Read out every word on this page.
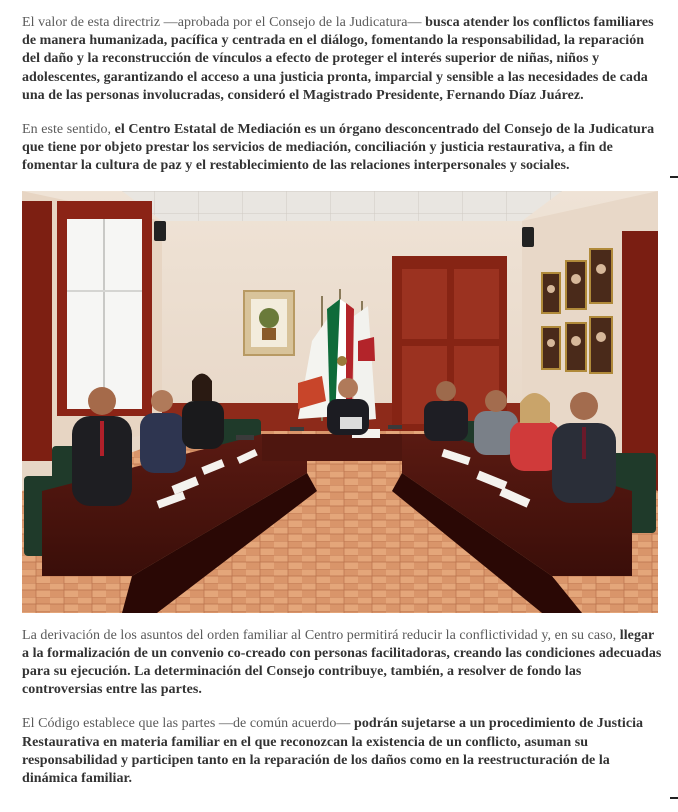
El valor de esta directriz —aprobada por el Consejo de la Judicatura— busca atender los conflictos familiares de manera humanizada, pacífica y centrada en el diálogo, fomentando la responsabilidad, la reparación del daño y la reconstrucción de vínculos a efecto de proteger el interés superior de niñas, niños y adolescentes, garantizando el acceso a una justicia pronta, imparcial y sensible a las necesidades de cada una de las personas involucradas, consideró el Magistrado Presidente, Fernando Díaz Juárez.

En este sentido, el Centro Estatal de Mediación es un órgano desconcentrado del Consejo de la Judicatura que tiene por objeto prestar los servicios de mediación, conciliación y justicia restaurativa, a fin de fomentar la cultura de paz y el restablecimiento de las relaciones interpersonales y sociales.

La derivación de los asuntos del orden familiar al Centro permitirá reducir la conflictividad y, en su caso, llegar a la formalización de un convenio co-creado con personas facilitadoras, creando las condiciones adecuadas para su ejecución. La determinación del Consejo contribuye, también, a resolver de fondo las controversias entre las partes.

El Código establece que las partes —de común acuerdo— podrán sujetarse a un procedimiento de Justicia Restaurativa en materia familiar en el que reconozcan la existencia de un conflicto, asuman su responsabilidad y participen tanto en la reparación de los daños como en la reestructuración de la dinámica familiar.
